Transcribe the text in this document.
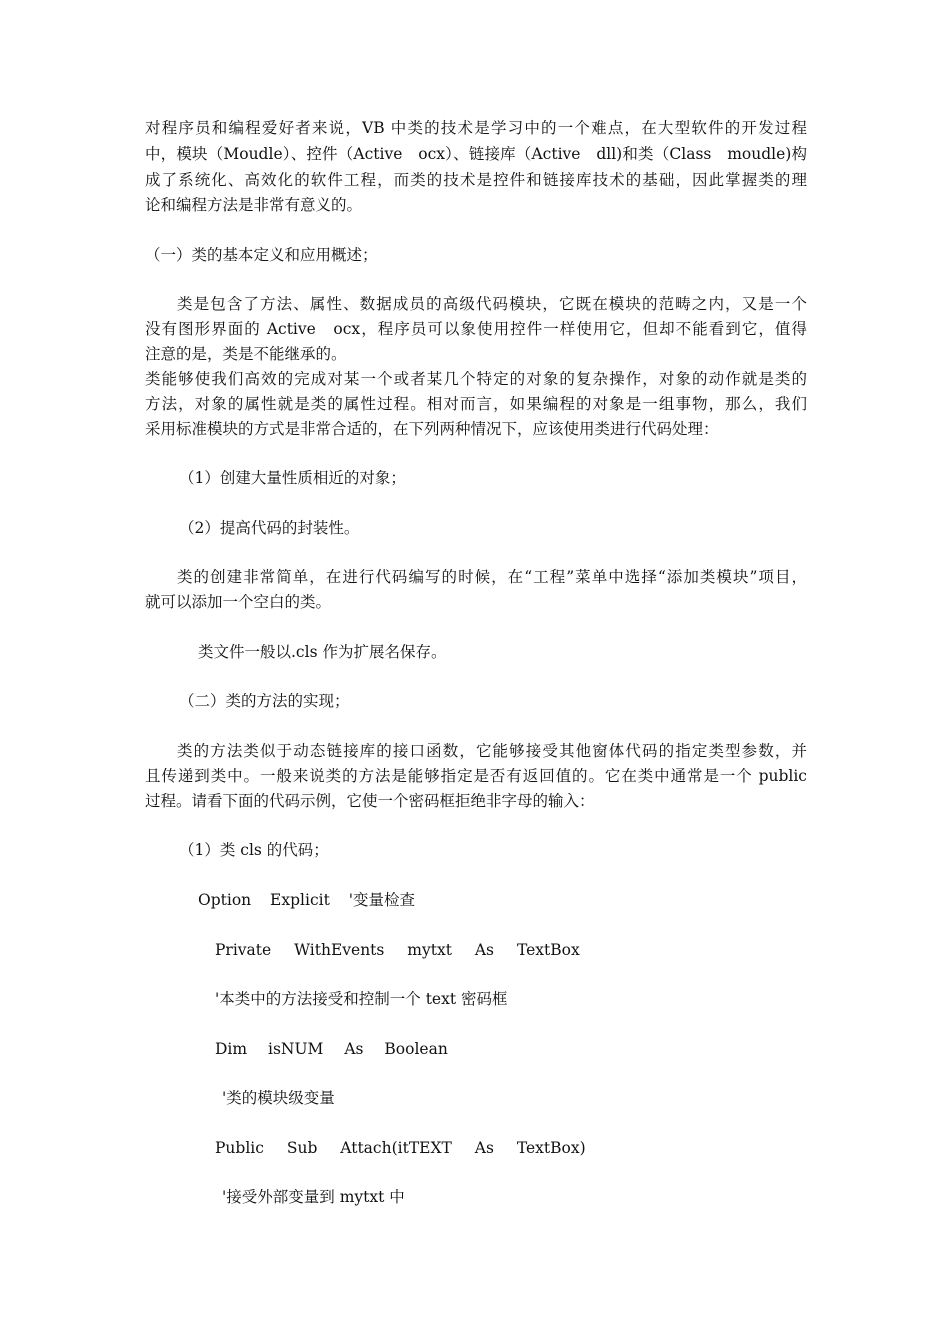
对程序员和编程爱好者来说，VB 中类的技术是学习中的一个难点，在大型软件的开发过程
中，模块（Moudle）、控件（Active　ocx）、链接库（Active　dll)和类（Class　moudle)构
成了系统化、高效化的软件工程，而类的技术是控件和链接库技术的基础，因此掌握类的理
论和编程方法是非常有意义的。
（一）类的基本定义和应用概述；
类是包含了方法、属性、数据成员的高级代码模块，它既在模块的范畴之内，又是一个
没有图形界面的 Active　ocx，程序员可以象使用控件一样使用它，但却不能看到它，值得
注意的是，类是不能继承的。
类能够使我们高效的完成对某一个或者某几个特定的对象的复杂操作，对象的动作就是类的
方法，对象的属性就是类的属性过程。相对而言，如果编程的对象是一组事物，那么，我们
采用标准模块的方式是非常合适的，在下列两种情况下，应该使用类进行代码处理：
（1）创建大量性质相近的对象；
（2）提高代码的封装性。
类的创建非常简单，在进行代码编写的时候，在“工程”菜单中选择“添加类模块”项目，
就可以添加一个空白的类。
类文件一般以.cls 作为扩展名保存。
（二）类的方法的实现；
类的方法类似于动态链接库的接口函数，它能够接受其他窗体代码的指定类型参数，并
且传递到类中。一般来说类的方法是能够指定是否有返回值的。它在类中通常是一个 public
过程。请看下面的代码示例，它使一个密码框拒绝非字母的输入：
（1）类 cls 的代码；
Option Explicit '变量检查
Private WithEvents mytxt As TextBox
'本类中的方法接受和控制一个 text 密码框
Dim isNUM As Boolean
'类的模块级变量
Public Sub Attach(itTEXT As TextBox)
'接受外部变量到 mytxt 中
